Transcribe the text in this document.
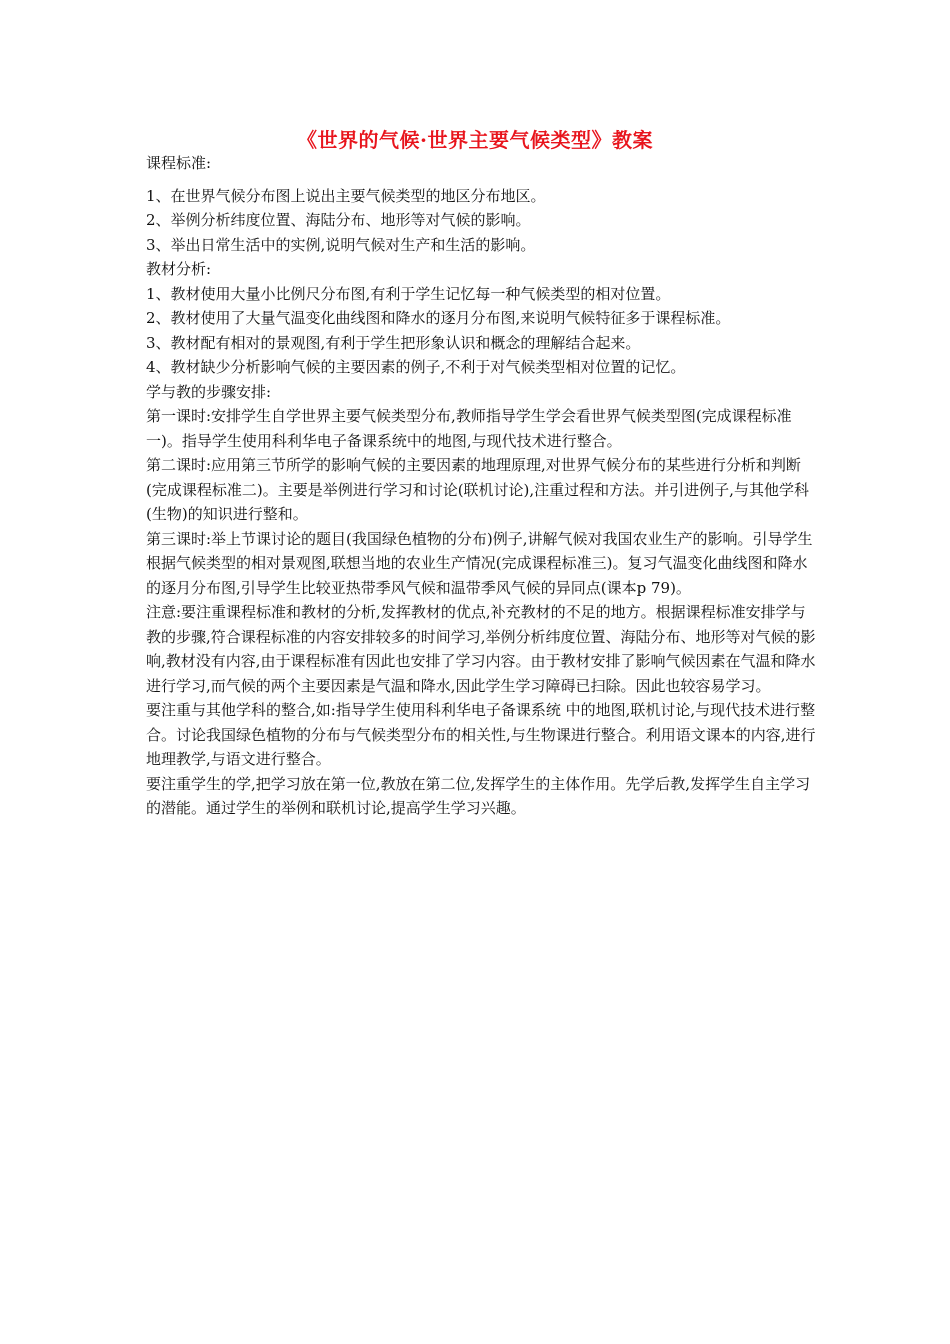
《世界的气候·世界主要气候类型》教案

课程标准:

1、在世界气候分布图上说出主要气候类型的地区分布地区。

2、举例分析纬度位置、海陆分布、地形等对气候的影响。

3、举出日常生活中的实例,说明气候对生产和生活的影响。

教材分析:

1、教材使用大量小比例尺分布图,有利于学生记忆每一种气候类型的相对位置。

2、教材使用了大量气温变化曲线图和降水的逐月分布图,来说明气候特征多于课程标准。

3、教材配有相对的景观图,有利于学生把形象认识和概念的理解结合起来。

4、教材缺少分析影响气候的主要因素的例子,不利于对气候类型相对位置的记忆。

学与教的步骤安排:

第一课时:安排学生自学世界主要气候类型分布,教师指导学生学会看世界气候类型图(完成课程标准一)。指导学生使用科利华电子备课系统中的地图,与现代技术进行整合。

第二课时:应用第三节所学的影响气候的主要因素的地理原理,对世界气候分布的某些进行分析和判断(完成课程标准二)。主要是举例进行学习和讨论(联机讨论),注重过程和方法。并引进例子,与其他学科(生物)的知识进行整和。

第三课时:举上节课讨论的题目(我国绿色植物的分布)例子,讲解气候对我国农业生产的影响。引导学生根据气候类型的相对景观图,联想当地的农业生产情况(完成课程标准三)。复习气温变化曲线图和降水的逐月分布图,引导学生比较亚热带季风气候和温带季风气候的异同点(课本p 79)。

注意:要注重课程标准和教材的分析,发挥教材的优点,补充教材的不足的地方。根据课程标准安排学与教的步骤,符合课程标准的内容安排较多的时间学习,举例分析纬度位置、海陆分布、地形等对气候的影响,教材没有内容,由于课程标准有因此也安排了学习内容。由于教材安排了影响气候因素在气温和降水进行学习,而气候的两个主要因素是气温和降水,因此学生学习障碍已扫除。因此也较容易学习。

要注重与其他学科的整合,如:指导学生使用科利华电子备课系统 中的地图,联机讨论,与现代技术进行整合。讨论我国绿色植物的分布与气候类型分布的相关性,与生物课进行整合。利用语文课本的内容,进行地理教学,与语文进行整合。

要注重学生的学,把学习放在第一位,教放在第二位,发挥学生的主体作用。先学后教,发挥学生自主学习的潜能。通过学生的举例和联机讨论,提高学生学习兴趣。
